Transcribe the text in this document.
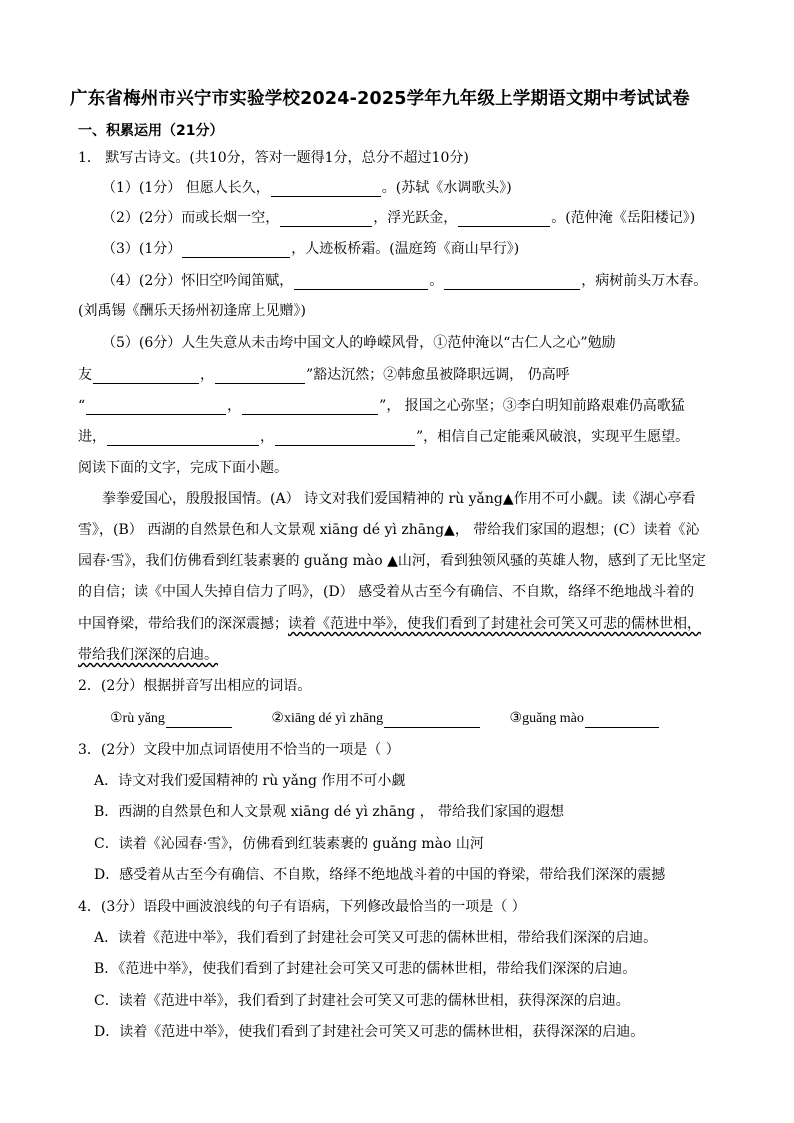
广东省梅州市兴宁市实验学校2024-2025学年九年级上学期语文期中考试试卷
一、积累运用（21分）
1． 默写古诗文。(共10分，答对一题得1分，总分不超过10分)
（1）(1分） 但愿人长久，	。(苏轼《水调歌头》)
（2）(2分）而或长烟一空，	，浮光跃金，	。(范仲淹《岳阳楼记》)
（3）(1分）	，人迹板桥霜。(温庭筠《商山早行》)
（4）(2分）怀旧空吟闻笛赋，	。	，病树前头万木春。
(刘禹锡《酬乐天扬州初逢席上见赠》)
（5）(6分）人生失意从未击垮中国文人的峥嵘风骨，①范仲淹以“古仁人之心”勉励
友	，	”豁达沉然；②韩愈虽被降职远调， 仍高呼
“	，	”， 报国之心弥坚；③李白明知前路艰难仍高歌猛
进，	，	”，相信自己定能乘风破浪，实现平生愿望。
阅读下面的文字，完成下面小题。
拳拳爱国心，殷殷报国情。(A） 诗文对我们爱国精神的 rù yǎng▲作用不可小觑。读《湖心亭看
雪》，(B） 西湖的自然景色和人文景观 xiāng dé yì zhāng▲， 带给我们家国的遐想；(C）读着《沁
园春·雪》，我们仿佛看到红装素裹的 guǎng mào ▲山河，看到独领风骚的英雄人物，感到了无比坚定
的自信；读《中国人失掉自信力了吗》，(D） 感受着从古至今有确信、不自欺，络绎不绝地战斗着的
中国脊梁，带给我们的深深震撼；读着《范进中举》，使我们看到了封建社会可笑又可悲的儒林世相，
带给我们深深的启迪。
2．(2分）根据拼音写出相应的词语。
①rù yǎng	②xiāng dé yì zhāng	③guǎng mào
3．(2分）文段中加点词语使用不恰当的一项是（ ）
A．诗文对我们爱国精神的 rù yǎng 作用不可小觑
B．西湖的自然景色和人文景观 xiāng dé yì zhāng ， 带给我们家国的遐想
C．读着《沁园春·雪》，仿佛看到红装素裹的 guǎng mào 山河
D．感受着从古至今有确信、不自欺，络绎不绝地战斗着的中国的脊梁，带给我们深深的震撼
4．(3分）语段中画波浪线的句子有语病，下列修改最恰当的一项是（ ）
A．读着《范进中举》，我们看到了封建社会可笑又可悲的儒林世相，带给我们深深的启迪。
B．《范进中举》，使我们看到了封建社会可笑又可悲的儒林世相，带给我们深深的启迪。
C．读着《范进中举》，我们看到了封建社会可笑又可悲的儒林世相，获得深深的启迪。
D．读着《范进中举》，使我们看到了封建社会可笑又可悲的儒林世相，获得深深的启迪。
